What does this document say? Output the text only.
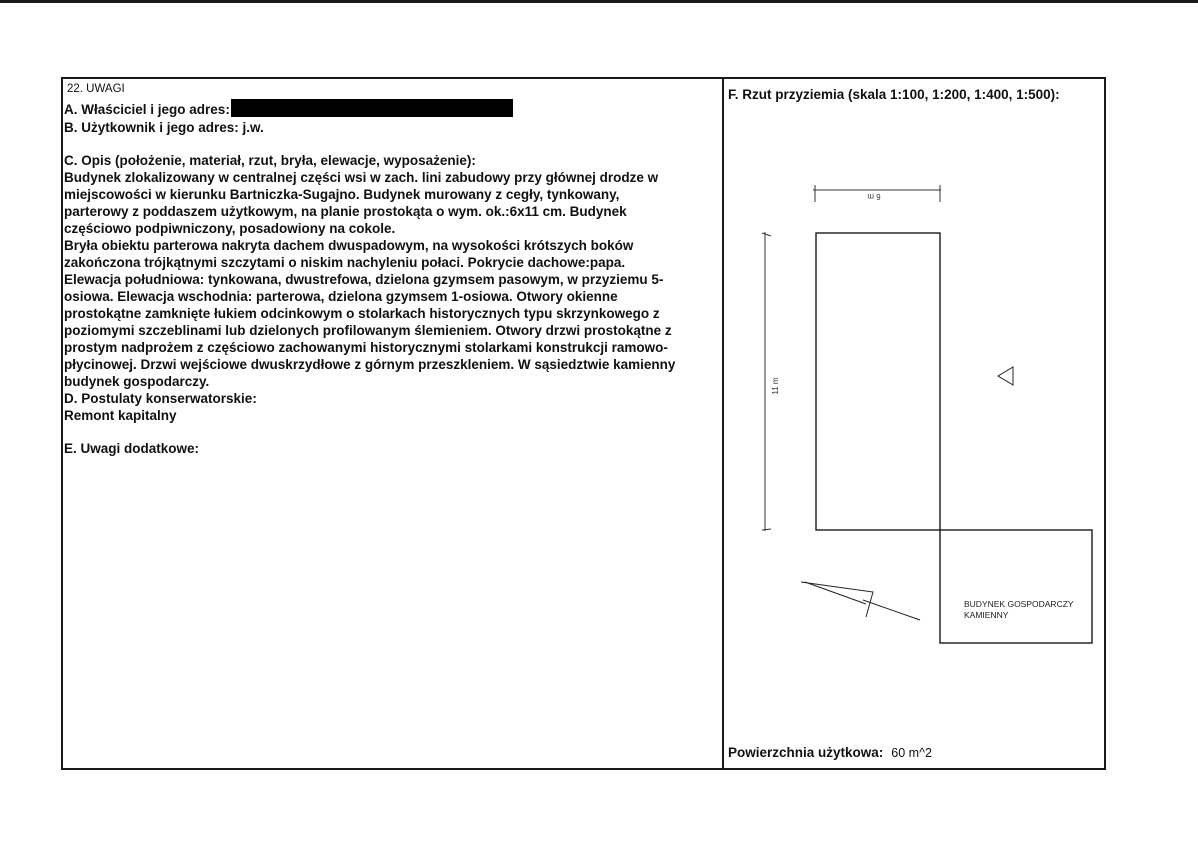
22. UWAGI
A. Właściciel i jego adres:
B. Użytkownik i jego adres: j.w.
C. Opis (położenie, materiał, rzut, bryła, elewacje, wyposażenie):
Budynek zlokalizowany w centralnej części wsi w zach. lini zabudowy przy głównej drodze w
miejscowości w kierunku Bartniczka-Sugajno. Budynek murowany z cegły, tynkowany,
parterowy z poddaszem użytkowym, na planie prostokąta o wym. ok.:6x11 cm. Budynek
częściowo podpiwniczony, posadowiony na cokole.
Bryła obiektu parterowa nakryta dachem dwuspadowym, na wysokości krótszych boków
zakończona trójkątnymi szczytami o niskim nachyleniu połaci. Pokrycie dachowe:papa.
Elewacja południowa: tynkowana, dwustrefowa, dzielona gzymsem pasowym, w przyziemu 5-
osiowa. Elewacja wschodnia: parterowa, dzielona gzymsem 1-osiowa. Otwory okienne
prostokątne zamknięte łukiem odcinkowym o stolarkach historycznych typu skrzynkowego z
poziomymi szczeblinami lub dzielonych profilowanym ślemieniem. Otwory drzwi prostokątne z
prostym nadprożem z częściowo zachowanymi historycznymi stolarkami konstrukcji ramowo-
płycinowej. Drzwi wejściowe dwuskrzydłowe z górnym przeszkleniem. W sąsiedztwie kamienny
budynek gospodarczy.
D. Postulaty konserwatorskie:
Remont kapitalny
E. Uwagi dodatkowe:
F. Rzut przyziemia (skala 1:100, 1:200, 1:400, 1:500):
Powierzchnia użytkowa: 60 m^2
6 m
11 m
BUDYNEK GOSPODARCZY
KAMIENNY
